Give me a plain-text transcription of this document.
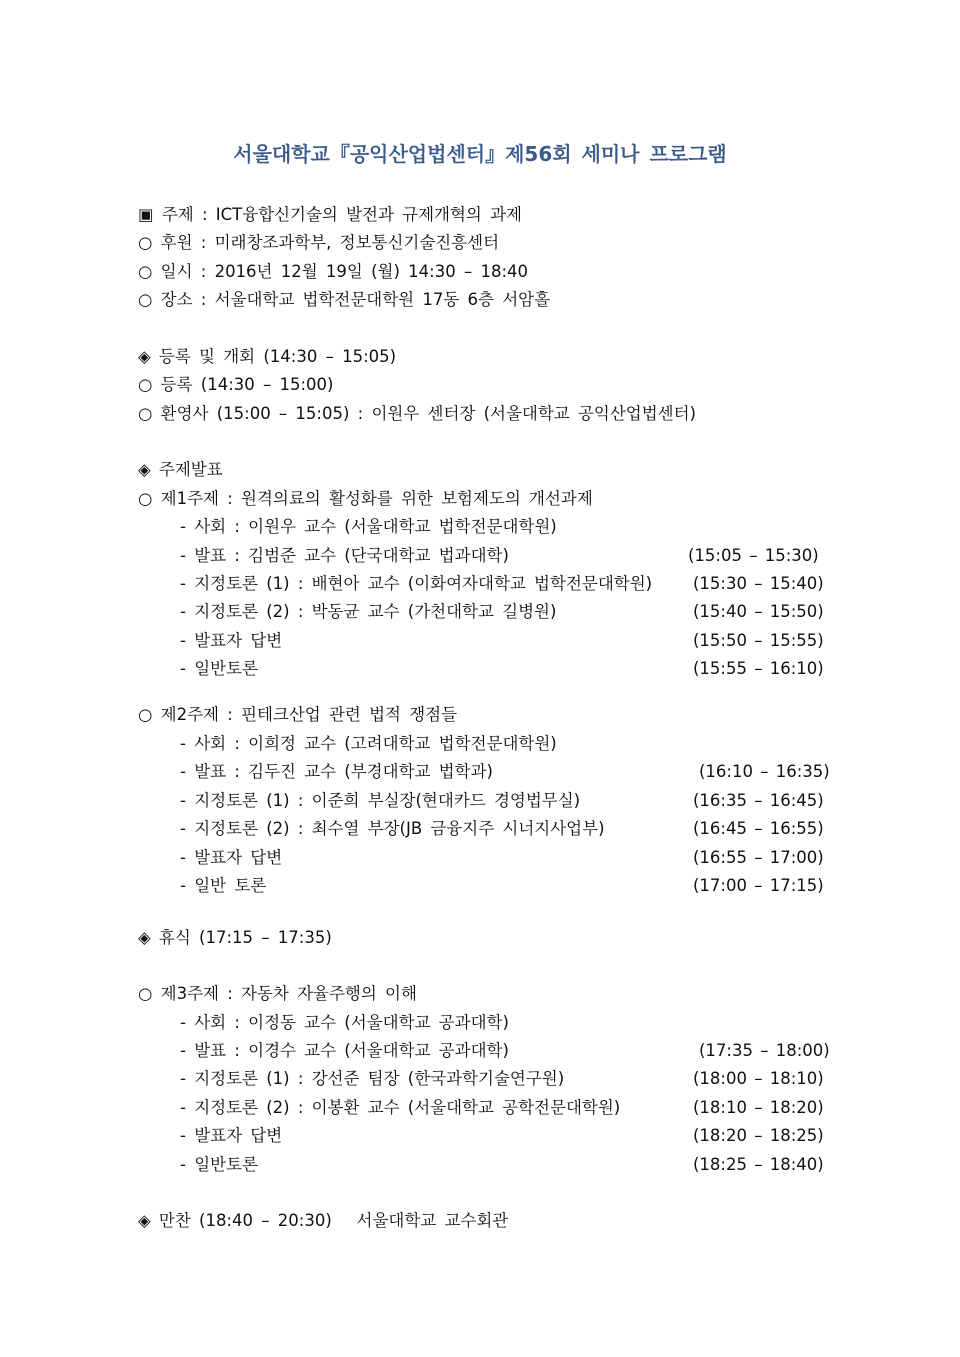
서울대학교『공익산업법센터』제56회 세미나 프로그램
▣ 주제 : ICT융합신기술의 발전과 규제개혁의 과제
○ 후원 : 미래창조과학부, 정보통신기술진흥센터
○ 일시 : 2016년 12월 19일 (월) 14:30 – 18:40
○ 장소 : 서울대학교 법학전문대학원 17동 6층 서암홀
◈ 등록 및 개회 (14:30 – 15:05)
○ 등록 (14:30 – 15:00)
○ 환영사 (15:00 – 15:05) : 이원우 센터장 (서울대학교 공익산업법센터)
◈ 주제발표
○ 제1주제 : 원격의료의 활성화를 위한 보험제도의 개선과제
- 사회 : 이원우 교수 (서울대학교 법학전문대학원)
- 발표 : 김범준 교수 (단국대학교 법과대학)	(15:05 – 15:30)
- 지정토론 (1) : 배현아 교수 (이화여자대학교 법학전문대학원) (15:30 – 15:40)
- 지정토론 (2) : 박동균 교수 (가천대학교 길병원)	(15:40 – 15:50)
- 발표자 답변	(15:50 – 15:55)
- 일반토론	(15:55 – 16:10)
○ 제2주제 : 핀테크산업 관련 법적 쟁점들
- 사회 : 이희정 교수 (고려대학교 법학전문대학원)
- 발표 : 김두진 교수 (부경대학교 법학과)	(16:10 – 16:35)
- 지정토론 (1) : 이준희 부실장(현대카드 경영법무실)	(16:35 – 16:45)
- 지정토론 (2) : 최수열 부장(JB 금융지주 시너지사업부)	(16:45 – 16:55)
- 발표자 답변	(16:55 – 17:00)
- 일반 토론	(17:00 – 17:15)
◈ 휴식 (17:15 – 17:35)
○ 제3주제 : 자동차 자율주행의 이해
- 사회 : 이정동 교수 (서울대학교 공과대학)
- 발표 : 이경수 교수 (서울대학교 공과대학)	(17:35 – 18:00)
- 지정토론 (1) : 강선준 팀장 (한국과학기술연구원)	(18:00 – 18:10)
- 지정토론 (2) : 이봉환 교수 (서울대학교 공학전문대학원)	(18:10 – 18:20)
- 발표자 답변	(18:20 – 18:25)
- 일반토론	(18:25 – 18:40)
◈ 만찬 (18:40 – 20:30)   서울대학교 교수회관
